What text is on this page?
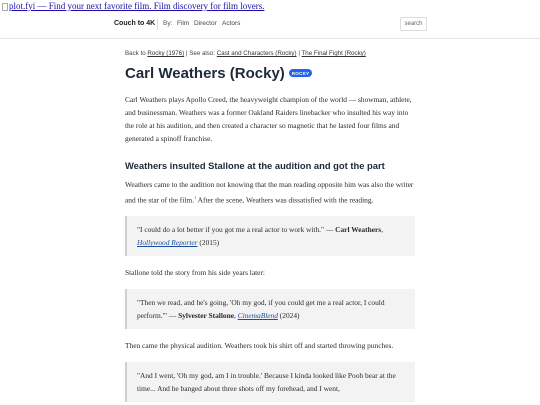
plot.fyi — Find your next favorite film. Film discovery for film lovers.
Couch to 4K By: Film Director Actors	search
Back to Rocky (1976) | See also: Cast and Characters (Rocky) | The Final Fight (Rocky)
Carl Weathers (Rocky)	ROCKY

Carl Weathers plays Apollo Creed, the heavyweight champion of the world — showman, athlete, and businessman. Weathers was a former Oakland Raiders linebacker who insulted his way into the role at his audition, and then created a character so magnetic that he lasted four films and generated a spinoff franchise.

Weathers insulted Stallone at the audition and got the part

Weathers came to the audition not knowing that the man reading opposite him was also the writer and the star of the film.$^1$ After the scene, Weathers was dissatisfied with the reading.

"I could do a lot better if you got me a real actor to work with." — Carl Weathers, Hollywood Reporter (2015)

Stallone told the story from his side years later:

"Then we read, and he's going, 'Oh my god, if you could get me a real actor, I could perform.'" — Sylvester Stallone, CinemaBlend (2024)

Then came the physical audition. Weathers took his shirt off and started throwing punches.

"And I went, 'Oh my god, am I in trouble.' Because I kinda looked like Pooh bear at the time... And he banged about three shots off my forehead, and I went,
